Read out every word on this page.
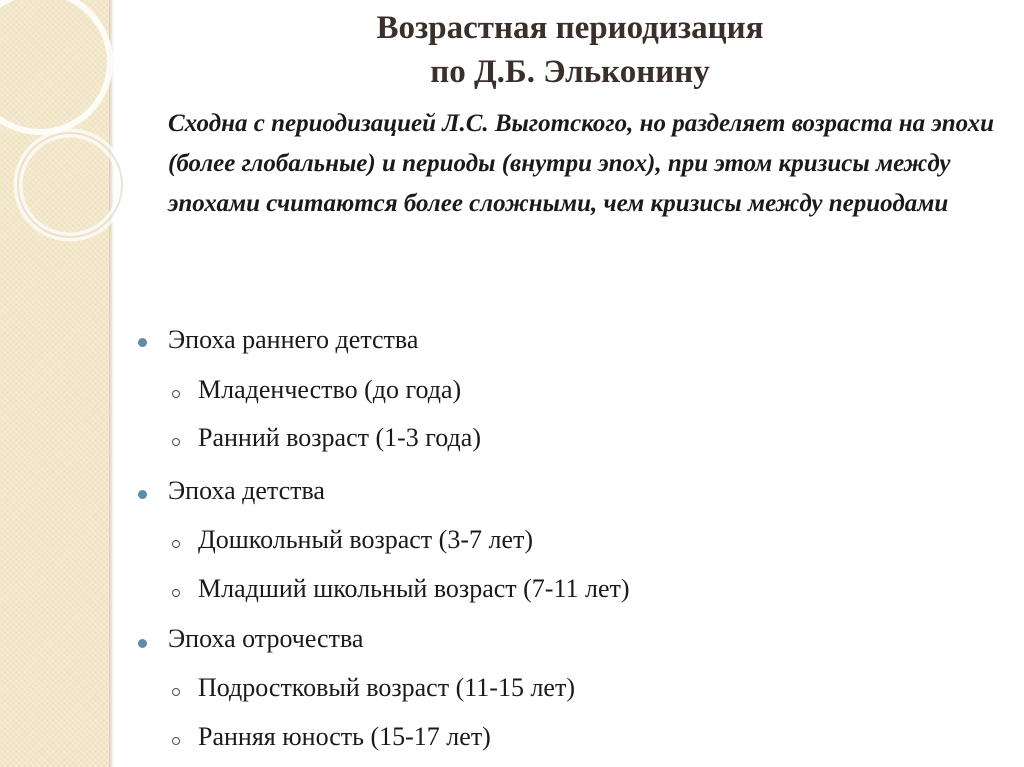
Возрастная периодизация
по Д.Б. Эльконину

Сходна с периодизацией Л.С. Выготского, но разделяет возраста на эпохи (более глобальные) и периоды (внутри эпох), при этом кризисы между эпохами считаются более сложными, чем кризисы между периодами

Эпоха раннего детства
Младенчество (до года)
Ранний возраст (1-3 года)
Эпоха детства
Дошкольный возраст (3-7 лет)
Младший школьный возраст (7-11 лет)
Эпоха отрочества
Подростковый возраст (11-15 лет)
Ранняя юность (15-17 лет)
